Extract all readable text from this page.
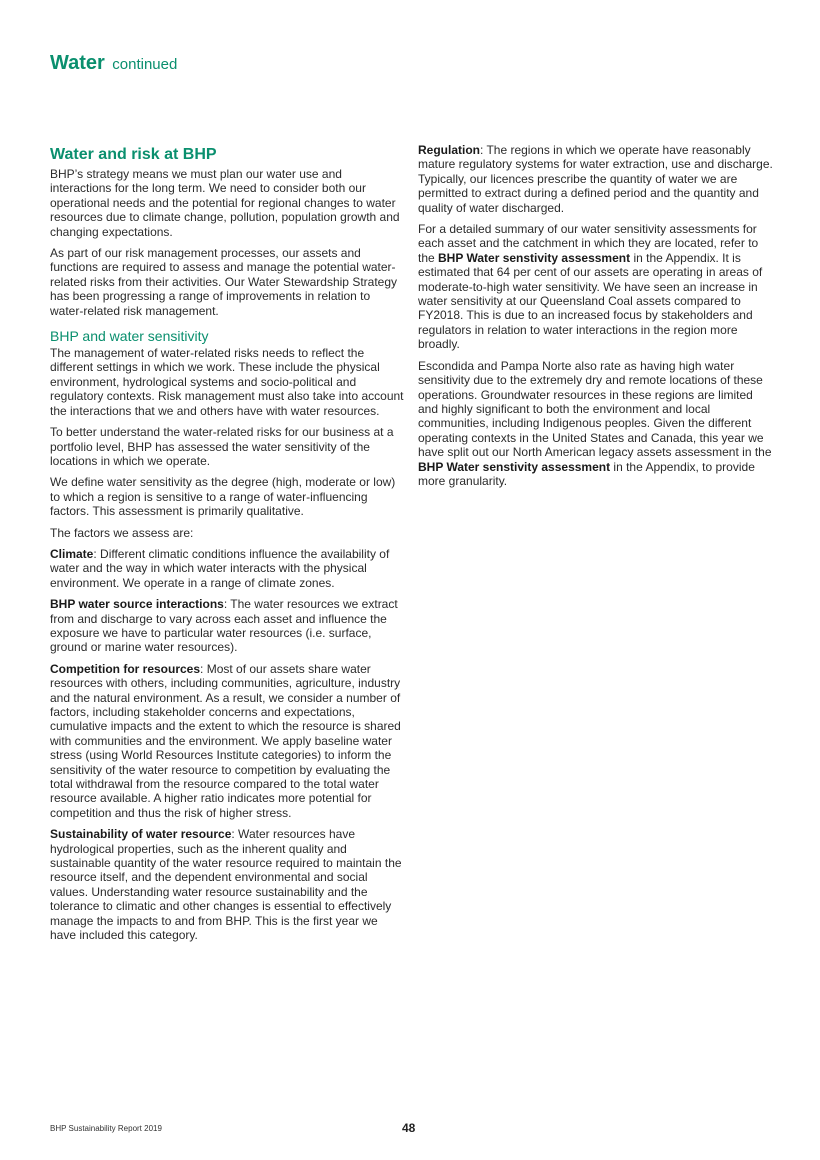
Water continued
Water and risk at BHP

BHP’s strategy means we must plan our water use and interactions for the long term. We need to consider both our operational needs and the potential for regional changes to water resources due to climate change, pollution, population growth and changing expectations.

As part of our risk management processes, our assets and functions are required to assess and manage the potential water-related risks from their activities. Our Water Stewardship Strategy has been progressing a range of improvements in relation to water-related risk management.

BHP and water sensitivity

The management of water-related risks needs to reflect the different settings in which we work. These include the physical environment, hydrological systems and socio-political and regulatory contexts. Risk management must also take into account the interactions that we and others have with water resources.

To better understand the water-related risks for our business at a portfolio level, BHP has assessed the water sensitivity of the locations in which we operate.

We define water sensitivity as the degree (high, moderate or low) to which a region is sensitive to a range of water-influencing factors. This assessment is primarily qualitative.

The factors we assess are:

Climate: Different climatic conditions influence the availability of water and the way in which water interacts with the physical environment. We operate in a range of climate zones.

BHP water source interactions: The water resources we extract from and discharge to vary across each asset and influence the exposure we have to particular water resources (i.e. surface, ground or marine water resources).

Competition for resources: Most of our assets share water resources with others, including communities, agriculture, industry and the natural environment. As a result, we consider a number of factors, including stakeholder concerns and expectations, cumulative impacts and the extent to which the resource is shared with communities and the environment. We apply baseline water stress (using World Resources Institute categories) to inform the sensitivity of the water resource to competition by evaluating the total withdrawal from the resource compared to the total water resource available. A higher ratio indicates more potential for competition and thus the risk of higher stress.

Sustainability of water resource: Water resources have hydrological properties, such as the inherent quality and sustainable quantity of the water resource required to maintain the resource itself, and the dependent environmental and social values. Understanding water resource sustainability and the tolerance to climatic and other changes is essential to effectively manage the impacts to and from BHP. This is the first year we have included this category.

Regulation: The regions in which we operate have reasonably mature regulatory systems for water extraction, use and discharge. Typically, our licences prescribe the quantity of water we are permitted to extract during a defined period and the quantity and quality of water discharged.

For a detailed summary of our water sensitivity assessments for each asset and the catchment in which they are located, refer to the BHP Water senstivity assessment in the Appendix. It is estimated that 64 per cent of our assets are operating in areas of moderate-to-high water sensitivity. We have seen an increase in water sensitivity at our Queensland Coal assets compared to FY2018. This is due to an increased focus by stakeholders and regulators in relation to water interactions in the region more broadly.

Escondida and Pampa Norte also rate as having high water sensitivity due to the extremely dry and remote locations of these operations. Groundwater resources in these regions are limited and highly significant to both the environment and local communities, including Indigenous peoples. Given the different operating contexts in the United States and Canada, this year we have split out our North American legacy assets assessment in the BHP Water senstivity assessment in the Appendix, to provide more granularity.

BHP Sustainability Report 2019	48
